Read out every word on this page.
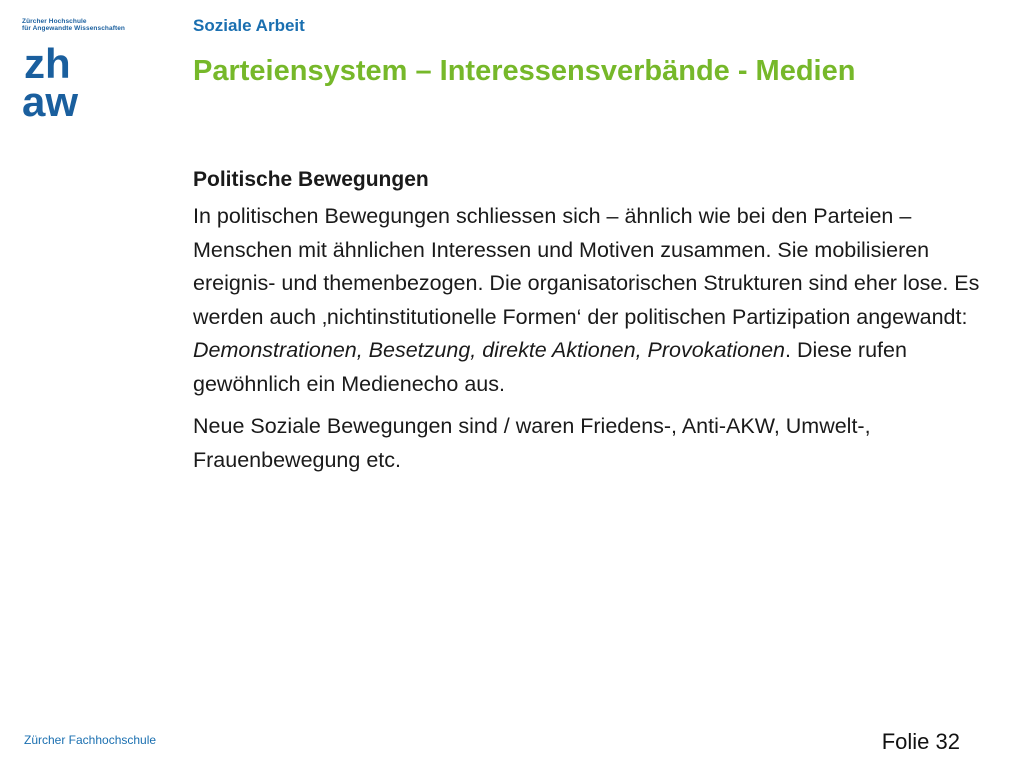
Zürcher Hochschule
für Angewandte Wissenschaften
zh
aw
Soziale Arbeit
Parteiensystem – Interessensverbände - Medien
Politische Bewegungen

In politischen Bewegungen schliessen sich – ähnlich wie bei den Parteien – Menschen mit ähnlichen Interessen und Motiven zusammen. Sie mobilisieren ereignis- und themenbezogen. Die organisatorischen Strukturen sind eher lose. Es werden auch ‚nichtinstitutionelle Formen‘ der politischen Partizipation angewandt: Demonstrationen, Besetzung, direkte Aktionen, Provokationen. Diese rufen gewöhnlich ein Medienecho aus.

Neue Soziale Bewegungen sind / waren Friedens-, Anti-AKW, Umwelt-, Frauenbewegung etc.

Zürcher Fachhochschule	Folie 32
